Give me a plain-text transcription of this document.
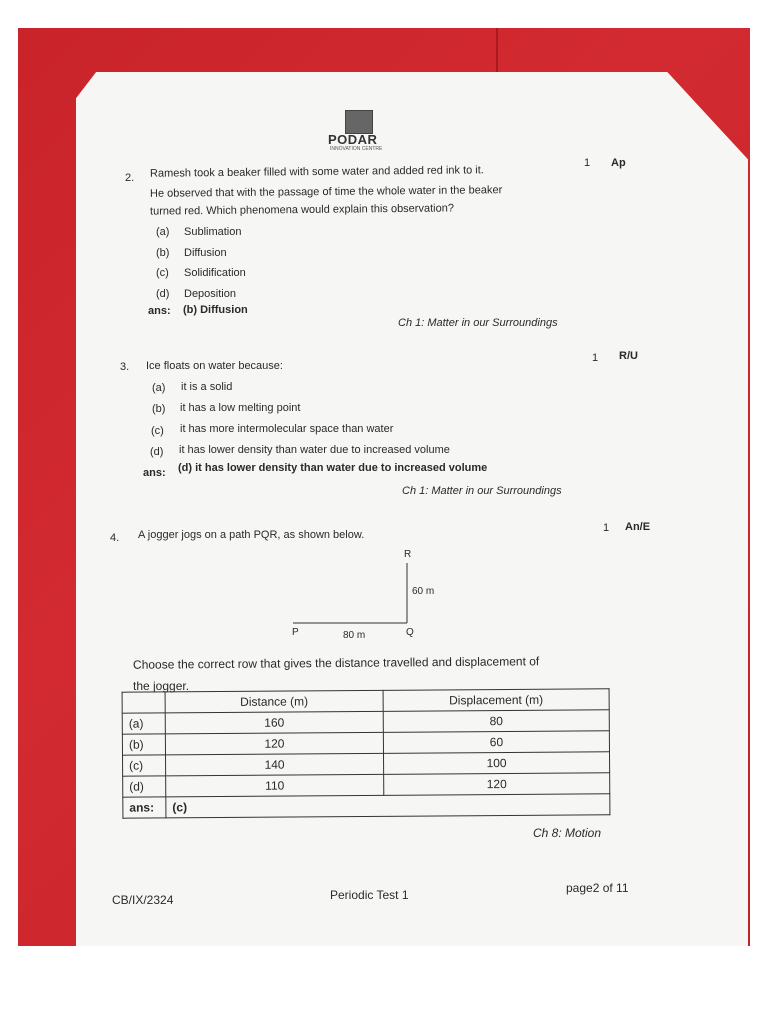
PODAR
INNOVATION CENTRE
2. Ramesh took a beaker filled with some water and added red ink to it.
He observed that with the passage of time the whole water in the beaker
turned red. Which phenomena would explain this observation?
1 Ap
(a) Sublimation
(b) Diffusion
(c) Solidification
(d) Deposition
ans: (b) Diffusion
Ch 1: Matter in our Surroundings
3. Ice floats on water because:
1 R/U
(a) it is a solid
(b) it has a low melting point
(c) it has more intermolecular space than water
(d) it has lower density than water due to increased volume
ans: (d) it has lower density than water due to increased volume
Ch 1: Matter in our Surroundings
4. A jogger jogs on a path PQR, as shown below.
1 An/E
R
P	Q
80 m
60 m
Choose the correct row that gives the distance travelled and displacement of
the jogger.
	Distance (m)	Displacement (m)
(a)	160	80
(b)	120	60
(c)	140	100
(d)	110	120
ans:	(c)	
Ch 8: Motion
CB/IX/2324	Periodic Test 1	page2 of 11
